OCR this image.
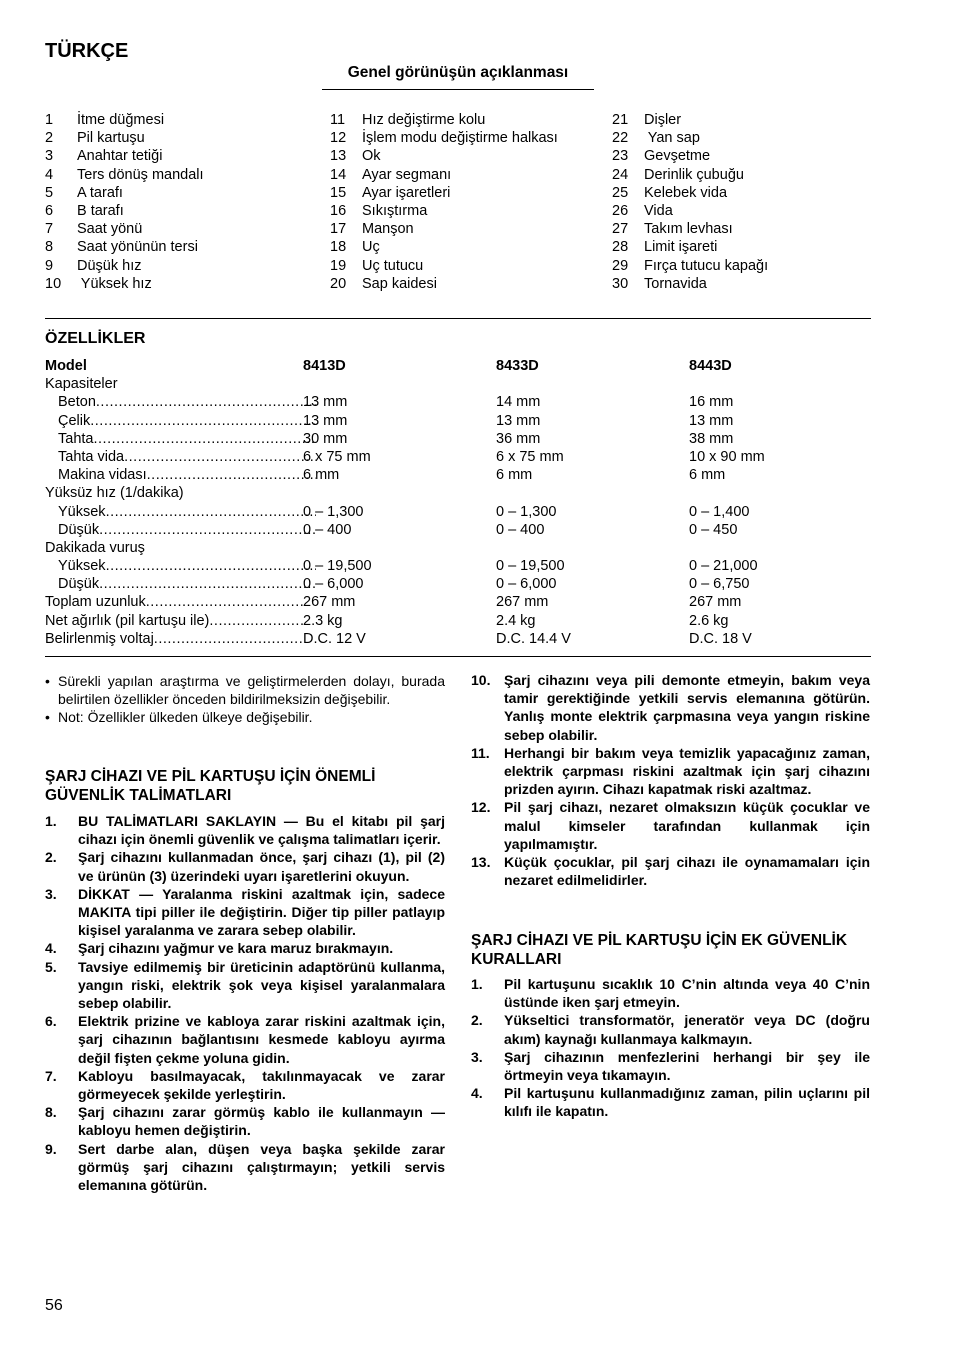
TÜRKÇE
Genel görünüşün açıklanması
1	İtme düğmesi
2	Pil kartuşu
3	Anahtar tetiği
4	Ters dönüş mandalı
5	A tarafı
6	B tarafı
7	Saat yönü
8	Saat yönünün tersi
9	Düşük hız
10	Yüksek hız
11	Hız değiştirme kolu
12	İşlem modu değiştirme halkası
13	Ok
14	Ayar segmanı
15	Ayar işaretleri
16	Sıkıştırma
17	Manşon
18	Uç
19	Uç tutucu
20	Sap kaidesi
21	Dişler
22	Yan sap
23	Gevşetme
24	Derinlik çubuğu
25	Kelebek vida
26	Vida
27	Takım levhası
28	Limit işareti
29	Fırça tutucu kapağı
30	Tornavida
ÖZELLİKLER
Model	8413D	8433D	8443D
Kapasiteler
Beton .....	13 mm	14 mm	16 mm
Çelik .....	13 mm	13 mm	13 mm
Tahta .....	30 mm	36 mm	38 mm
Tahta vida .....	6 x 75 mm	6 x 75 mm	10 x 90 mm
Makina vidası .....	6 mm	6 mm	6 mm
Yüksüz hız (1/dakika)
Yüksek .....	0 – 1,300	0 – 1,300	0 – 1,400
Düşük .....	0 – 400	0 – 400	0 – 450
Dakikada vuruş
Yüksek .....	0 – 19,500	0 – 19,500	0 – 21,000
Düşük .....	0 – 6,000	0 – 6,000	0 – 6,750
Toplam uzunluk .....	267 mm	267 mm	267 mm
Net ağırlık (pil kartuşu ile) .....	2.3 kg	2.4 kg	2.6 kg
Belirlenmiş voltaj .....	D.C. 12 V	D.C. 14.4 V	D.C. 18 V
• Sürekli yapılan araştırma ve geliştirmelerden dolayı, burada belirtilen özellikler önceden bildirilmeksizin değişebilir.
• Not: Özellikler ülkeden ülkeye değişebilir.
ŞARJ CİHAZI VE PİL KARTUŞU İÇİN ÖNEMLİ GÜVENLİK TALİMATLARI
1.	BU TALİMATLARI SAKLAYIN — Bu el kitabı pil şarj cihazı için önemli güvenlik ve çalışma talimatları içerir.
2.	Şarj cihazını kullanmadan önce, şarj cihazı (1), pil (2) ve ürünün (3) üzerindeki uyarı işaretlerini okuyun.
3.	DİKKAT — Yaralanma riskini azaltmak için, sadece MAKITA tipi piller ile değiştirin. Diğer tip piller patlayıp kişisel yaralanma ve zarara sebep olabilir.
4.	Şarj cihazını yağmur ve kara maruz bırakmayın.
5.	Tavsiye edilmemiş bir üreticinin adaptörünü kullanma, yangın riski, elektrik şok veya kişisel yaralanmalara sebep olabilir.
6.	Elektrik prizine ve kabloya zarar riskini azaltmak için, şarj cihazının bağlantısını kesmede kabloyu ayırma değil fişten çekme yoluna gidin.
7.	Kabloyu basılmayacak, takılınmayacak ve zarar görmeyecek şekilde yerleştirin.
8.	Şarj cihazını zarar görmüş kablo ile kullanmayın — kabloyu hemen değiştirin.
9.	Sert darbe alan, düşen veya başka şekilde zarar görmüş şarj cihazını çalıştırmayın; yetkili servis elemanına götürün.
10. Şarj cihazını veya pili demonte etmeyin, bakım veya tamir gerektiğinde yetkili servis elemanına götürün. Yanlış monte elektrik çarpmasına veya yangın riskine sebep olabilir.
11.	Herhangi bir bakım veya temizlik yapacağınız zaman, elektrik çarpması riskini azaltmak için şarj cihazını prizden ayırın. Cihazı kapatmak riski azaltmaz.
12. Pil şarj cihazı, nezaret olmaksızın küçük çocuklar ve malul kimseler tarafından kullanmak için yapılmamıştır.
13. Küçük çocuklar, pil şarj cihazı ile oynamamaları için nezaret edilmelidirler.
ŞARJ CİHAZI VE PİL KARTUŞU İÇİN EK GÜVENLİK KURALLARI
1.	Pil kartuşunu sıcaklık 10 C’nin altında veya 40 C’nin üstünde iken şarj etmeyin.
2.	Yükseltici transformatör, jeneratör veya DC (doğru akım) kaynağı kullanmaya kalkmayın.
3.	Şarj cihazının menfezlerini herhangi bir şey ile örtmeyin veya tıkamayın.
4.	Pil kartuşunu kullanmadığınız zaman, pilin uçlarını pil kılıfı ile kapatın.
56
